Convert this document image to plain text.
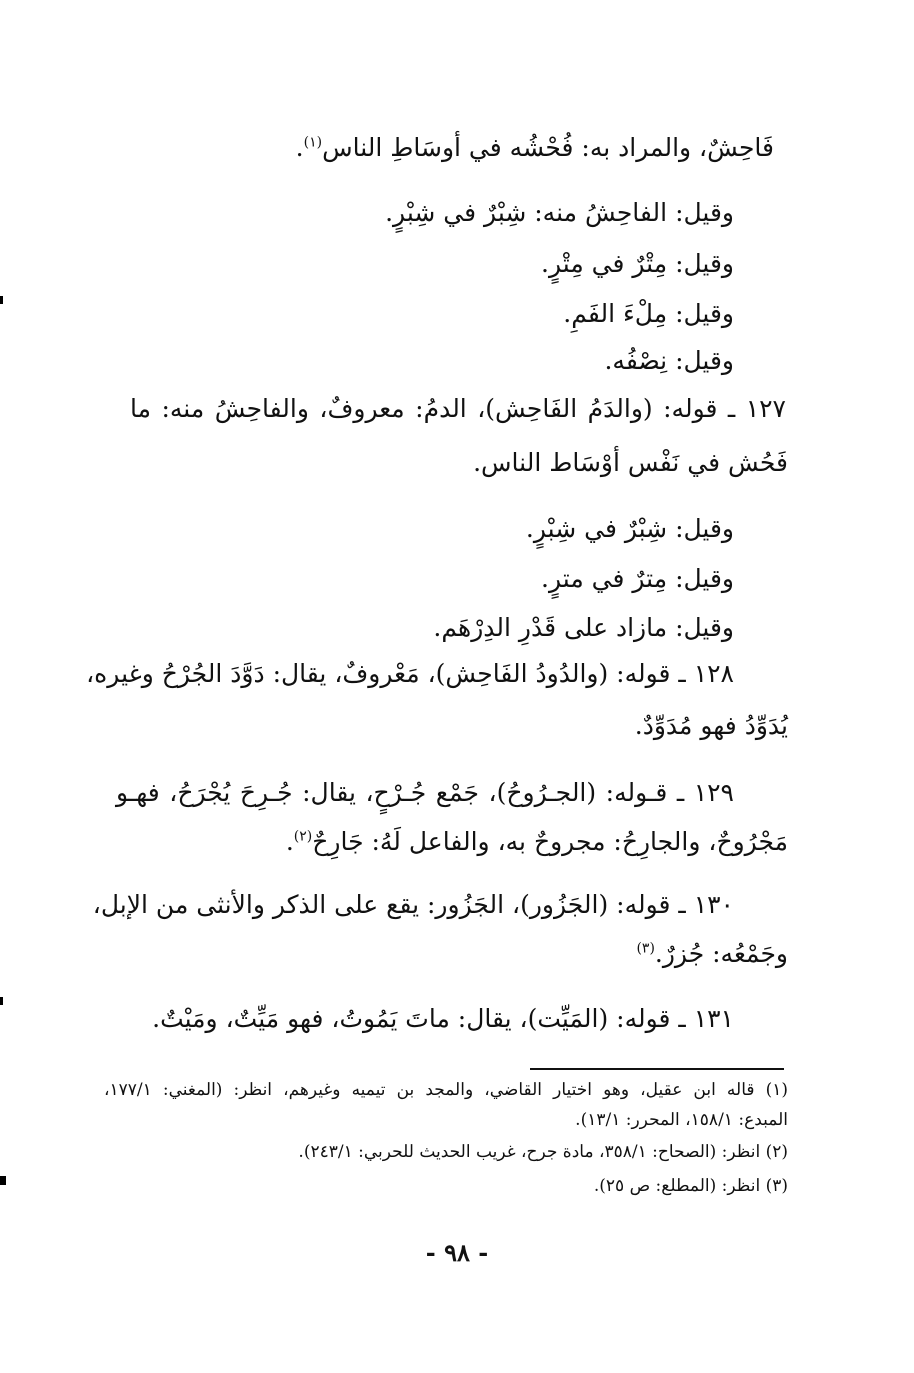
فَاحِشٌ، والمراد به: فُحْشُه في أوسَاطِ الناس$^{(١)}$.
وقيل: الفاحِشُ منه: شِبْرٌ في شِبْرٍ.
وقيل: مِتْرٌ في مِتْرٍ.
وقيل: مِلْءَ الفَمِ.
وقيل: نِصْفُه.
١٢٧ ـ قوله: (والدَمُ الفَاحِش)، الدمُ: معروفٌ، والفاحِشُ منه: ما
فَحُش في نَفْس أوْسَاط الناس.
وقيل: شِبْرٌ في شِبْرٍ.
وقيل: مِترٌ في مترٍ.
وقيل: مازاد على قَدْرِ الدِرْهَم.
١٢٨ ـ قوله: (والدُودُ الفَاحِش)، مَعْروفٌ، يقال: دَوَّدَ الجُرْحُ وغيره،
يُدَوِّدُ فهو مُدَوِّدٌ.
١٢٩ ـ قـوله: (الجـرُوحُ)، جَمْع جُـرْحٍ، يقال: جُـرِحَ يُجْرَحُ، فهـو
مَجْرُوحٌ، والجارِحُ: مجروحٌ به، والفاعل لَهُ: جَارِحٌ$^{(٢)}$.
١٣٠ ـ قوله: (الجَزُور)، الجَزُور: يقع على الذكر والأنثى من الإبل،
وجَمْعُه: جُزرٌ.$^{(٣)}$
١٣١ ـ قوله: (المَيِّت)، يقال: ماتَ يَمُوتُ، فهو مَيِّتٌ، ومَيْتٌ.
(١) قاله ابن عقيل، وهو اختيار القاضي، والمجد بن تيميه وغيرهم، انظر: (المغني: ١٧٧/١،
المبدع: ١٥٨/١، المحرر: ١٣/١).
(٢) انظر: (الصحاح: ٣٥٨/١، مادة جرح، غريب الحديث للحربي: ٢٤٣/١).
(٣) انظر: (المطلع: ص ٢٥).
- ٩٨ -
